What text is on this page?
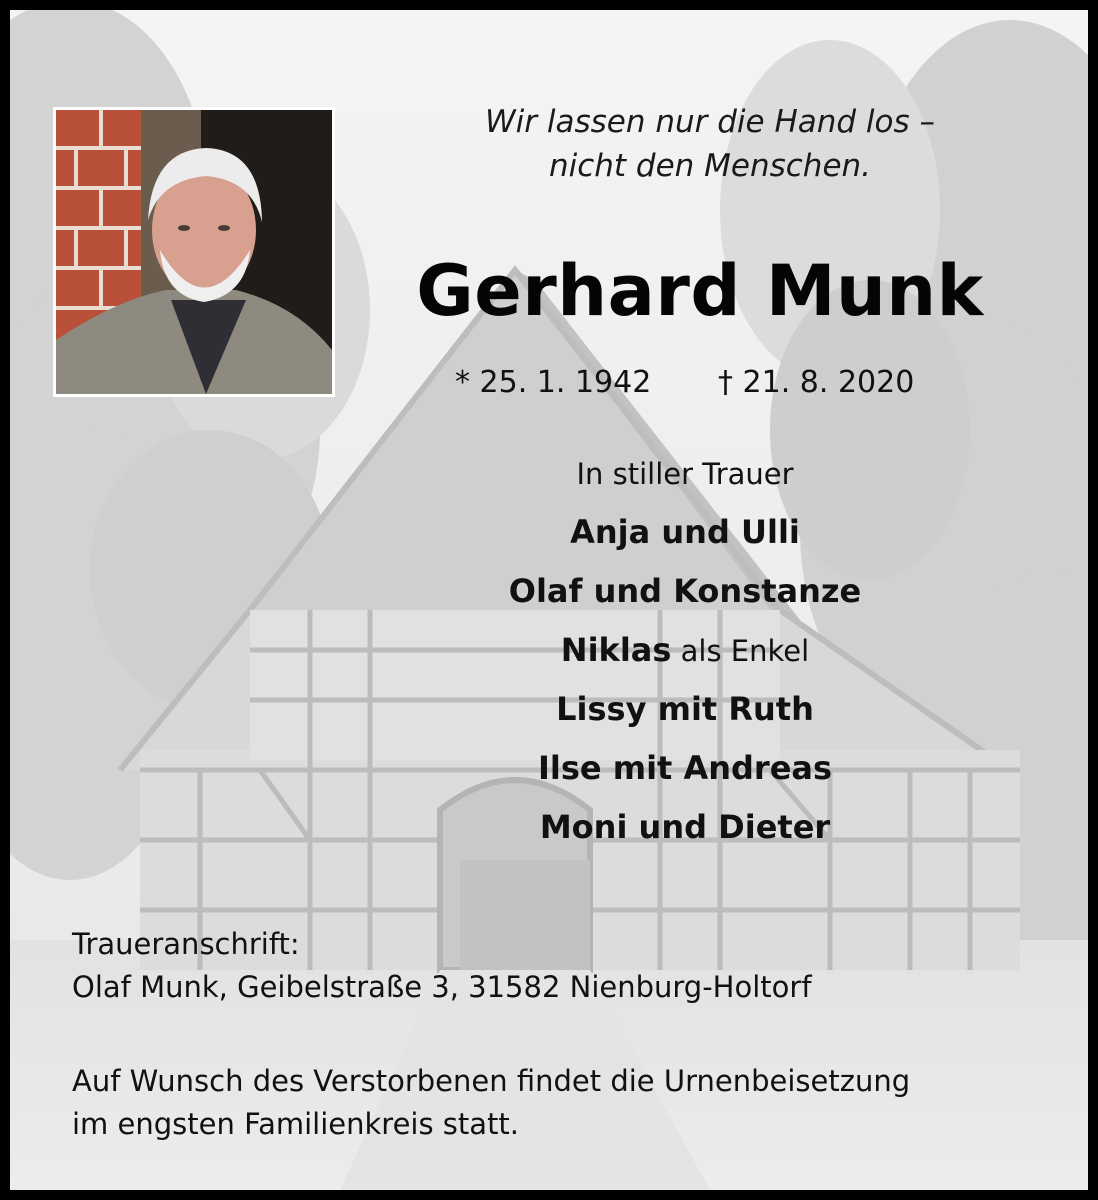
Wir lassen nur die Hand los –
nicht den Menschen.
Gerhard Munk
* 25. 1. 1942 † 21. 8. 2020
In stiller Trauer
Anja und Ulli
Olaf und Konstanze
Niklas als Enkel
Lissy mit Ruth
Ilse mit Andreas
Moni und Dieter
Traueranschrift:
Olaf Munk, Geibelstraße 3, 31582 Nienburg-Holtorf
Auf Wunsch des Verstorbenen findet die Urnenbeisetzung
im engsten Familienkreis statt.
